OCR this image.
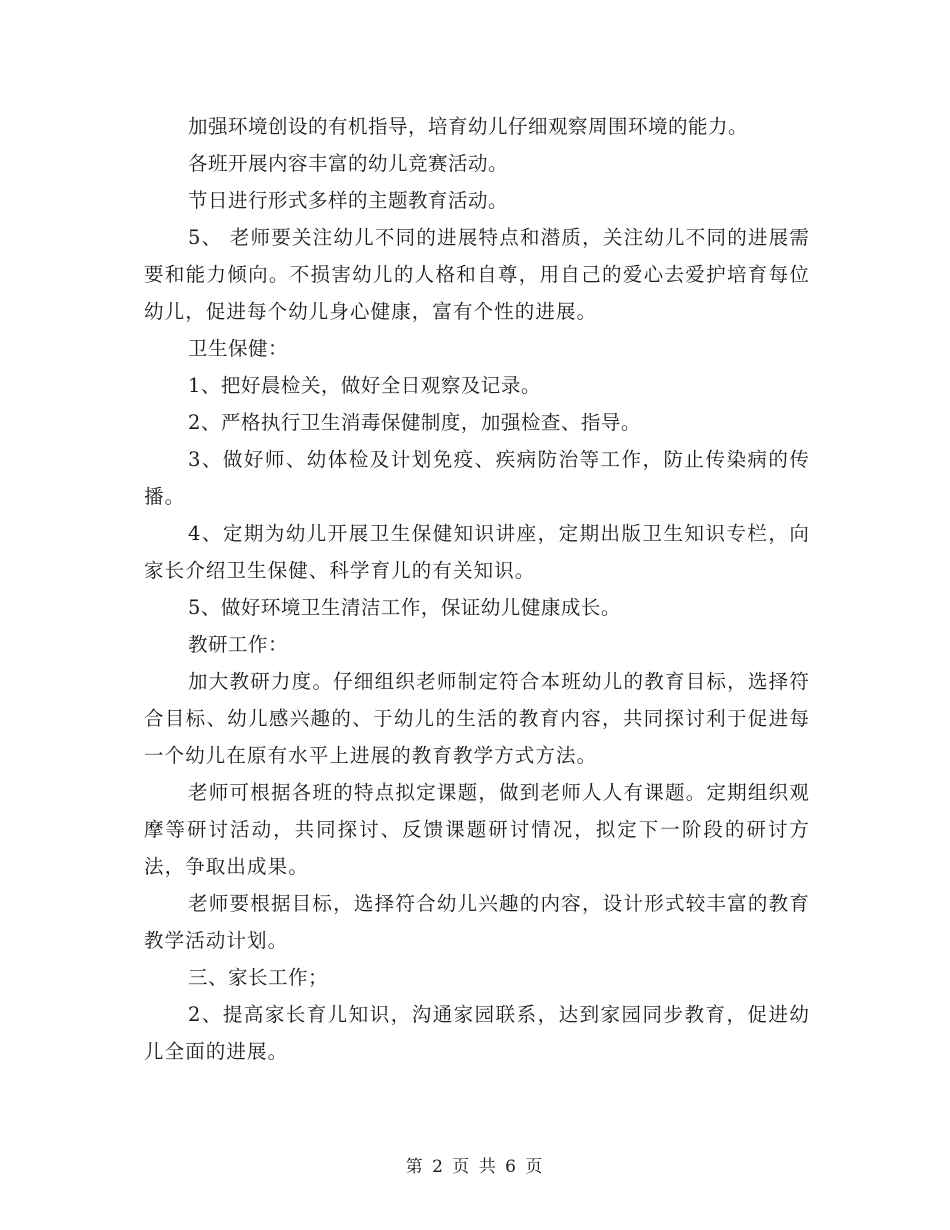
加强环境创设的有机指导，培育幼儿仔细观察周围环境的能力。

各班开展内容丰富的幼儿竞赛活动。

节日进行形式多样的主题教育活动。

5、 老师要关注幼儿不同的进展特点和潜质，关注幼儿不同的进展需要和能力倾向。不损害幼儿的人格和自尊，用自己的爱心去爱护培育每位幼儿，促进每个幼儿身心健康，富有个性的进展。

卫生保健：

1、把好晨检关，做好全日观察及记录。

2、严格执行卫生消毒保健制度，加强检查、指导。

3、做好师、幼体检及计划免疫、疾病防治等工作，防止传染病的传播。

4、定期为幼儿开展卫生保健知识讲座，定期出版卫生知识专栏，向家长介绍卫生保健、科学育儿的有关知识。

5、做好环境卫生清洁工作，保证幼儿健康成长。

教研工作：

加大教研力度。仔细组织老师制定符合本班幼儿的教育目标，选择符合目标、幼儿感兴趣的、于幼儿的生活的教育内容，共同探讨利于促进每一个幼儿在原有水平上进展的教育教学方式方法。

老师可根据各班的特点拟定课题，做到老师人人有课题。定期组织观摩等研讨活动，共同探讨、反馈课题研讨情况，拟定下一阶段的研讨方法，争取出成果。

老师要根据目标，选择符合幼儿兴趣的内容，设计形式较丰富的教育教学活动计划。

三、家长工作；

2、提高家长育儿知识，沟通家园联系，达到家园同步教育，促进幼儿全面的进展。

第 2 页 共 6 页
